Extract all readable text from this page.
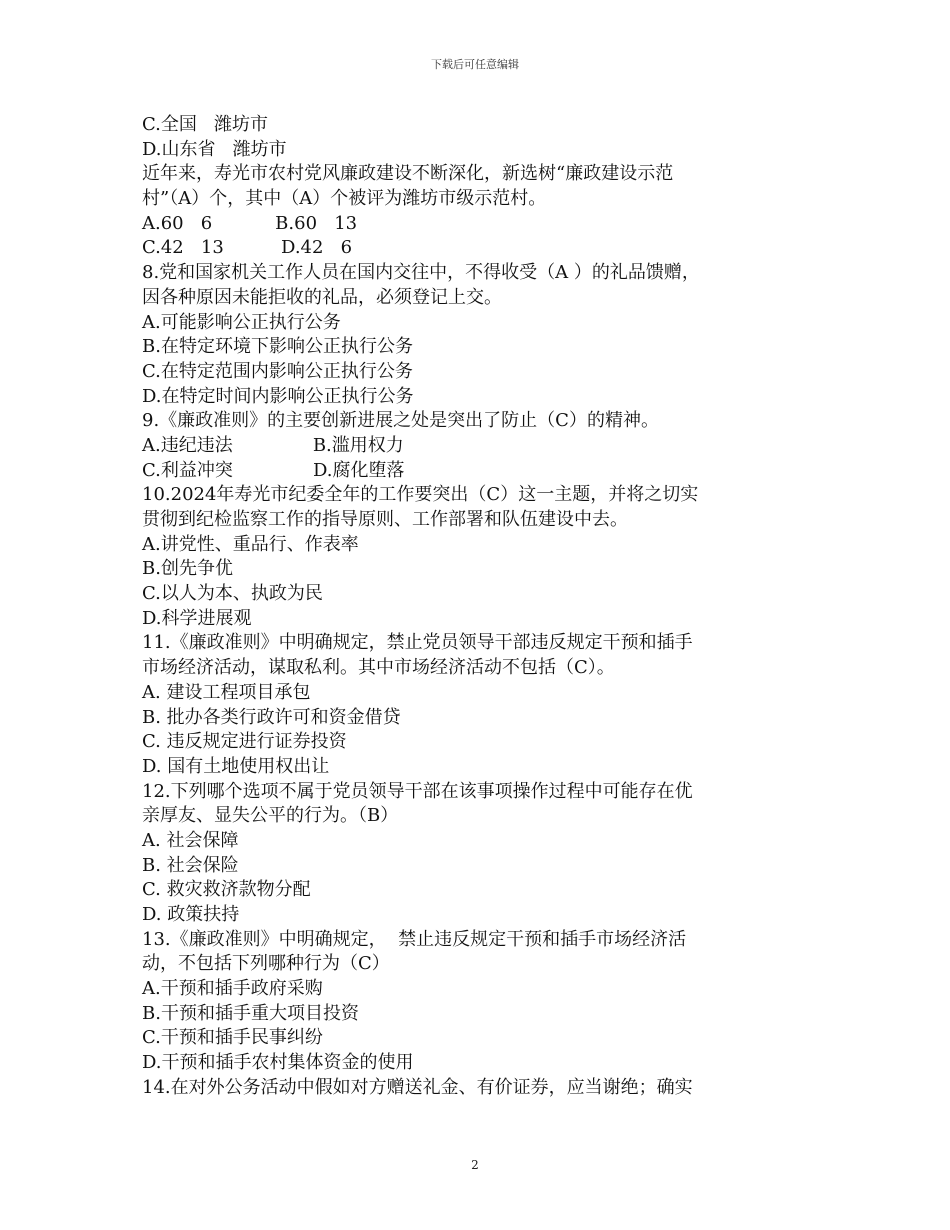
下载后可任意编辑
C.全国   潍坊市
D.山东省   潍坊市
近年来，寿光市农村党风廉政建设不断深化，新选树“廉政建设示范
村”（A）个，其中（A）个被评为潍坊市级示范村。
A.60   6           B.60   13
C.42   13          D.42   6
8.党和国家机关工作人员在国内交往中，不得收受（A ）的礼品馈赠，
因各种原因未能拒收的礼品，必须登记上交。
A.可能影响公正执行公务
B.在特定环境下影响公正执行公务
C.在特定范围内影响公正执行公务
D.在特定时间内影响公正执行公务
9.《廉政准则》的主要创新进展之处是突出了防止（C）的精神。
A.违纪违法              B.滥用权力
C.利益冲突              D.腐化堕落
10.2024年寿光市纪委全年的工作要突出（C）这一主题，并将之切实
贯彻到纪检监察工作的指导原则、工作部署和队伍建设中去。
A.讲党性、重品行、作表率
B.创先争优
C.以人为本、执政为民
D.科学进展观
11.《廉政准则》中明确规定，禁止党员领导干部违反规定干预和插手
市场经济活动，谋取私利。其中市场经济活动不包括（C）。
A. 建设工程项目承包
B. 批办各类行政许可和资金借贷
C. 违反规定进行证券投资
D. 国有土地使用权出让
12.下列哪个选项不属于党员领导干部在该事项操作过程中可能存在优
亲厚友、显失公平的行为。（B）
A. 社会保障
B. 社会保险
C. 救灾救济款物分配
D. 政策扶持
13.《廉政准则》中明确规定，  禁止违反规定干预和插手市场经济活
动，不包括下列哪种行为（C）
A.干预和插手政府采购
B.干预和插手重大项目投资
C.干预和插手民事纠纷
D.干预和插手农村集体资金的使用
14.在对外公务活动中假如对方赠送礼金、有价证券，应当谢绝；确实
2
